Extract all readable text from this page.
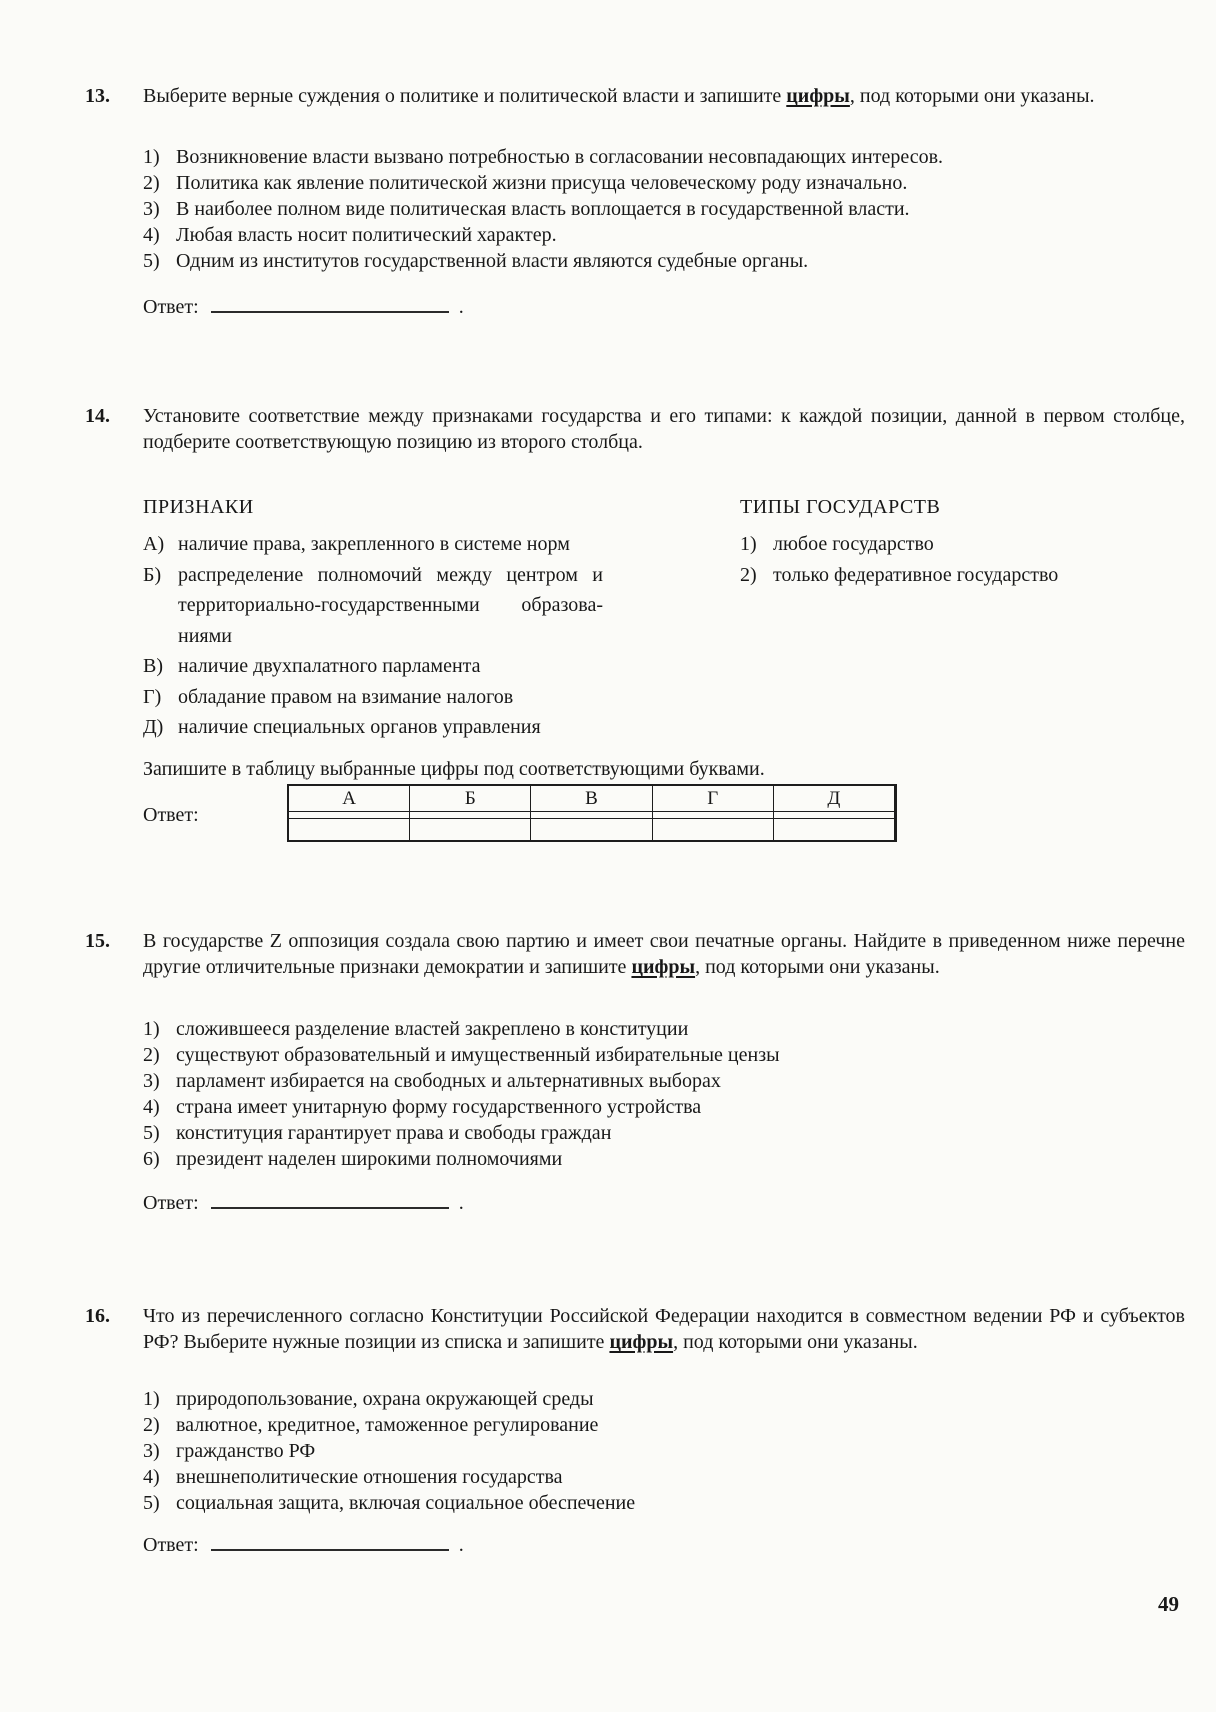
13. Выберите верные суждения о политике и политической власти и запишите цифры, под которыми они указаны.

1) Возникновение власти вызвано потребностью в согласовании несовпадающих интересов.
2) Политика как явление политической жизни присуща человеческому роду изначально.
3) В наиболее полном виде политическая власть воплощается в государственной власти.
4) Любая власть носит политический характер.
5) Одним из институтов государственной власти являются судебные органы.
Ответ:	.
14. Установите соответствие между признаками государства и его типами: к каждой позиции, данной в первом столбце, подберите соответствующую позицию из второго столбца.

ПРИЗНАКИ
А) наличие права, закрепленного в системе норм
Б) распределение полномочий между центром и территориально-государственными образованиями
В) наличие двухпалатного парламента
Г) обладание правом на взимание налогов
Д) наличие специальных органов управления
ТИПЫ ГОСУДАРСТВ
1) любое государство
2) только федеративное государство

Запишите в таблицу выбранные цифры под соответствующими буквами.

Ответ:
А	Б	В	Г	Д
15. В государстве Z оппозиция создала свою партию и имеет свои печатные органы. Найдите в приведенном ниже перечне другие отличительные признаки демократии и запишите цифры, под которыми они указаны.

1) сложившееся разделение властей закреплено в конституции
2) существуют образовательный и имущественный избирательные цензы
3) парламент избирается на свободных и альтернативных выборах
4) страна имеет унитарную форму государственного устройства
5) конституция гарантирует права и свободы граждан
6) президент наделен широкими полномочиями
Ответ:	.
16. Что из перечисленного согласно Конституции Российской Федерации находится в совместном ведении РФ и субъектов РФ? Выберите нужные позиции из списка и запишите цифры, под которыми они указаны.

1) природопользование, охрана окружающей среды
2) валютное, кредитное, таможенное регулирование
3) гражданство РФ
4) внешнеполитические отношения государства
5) социальная защита, включая социальное обеспечение
Ответ:	.
49
